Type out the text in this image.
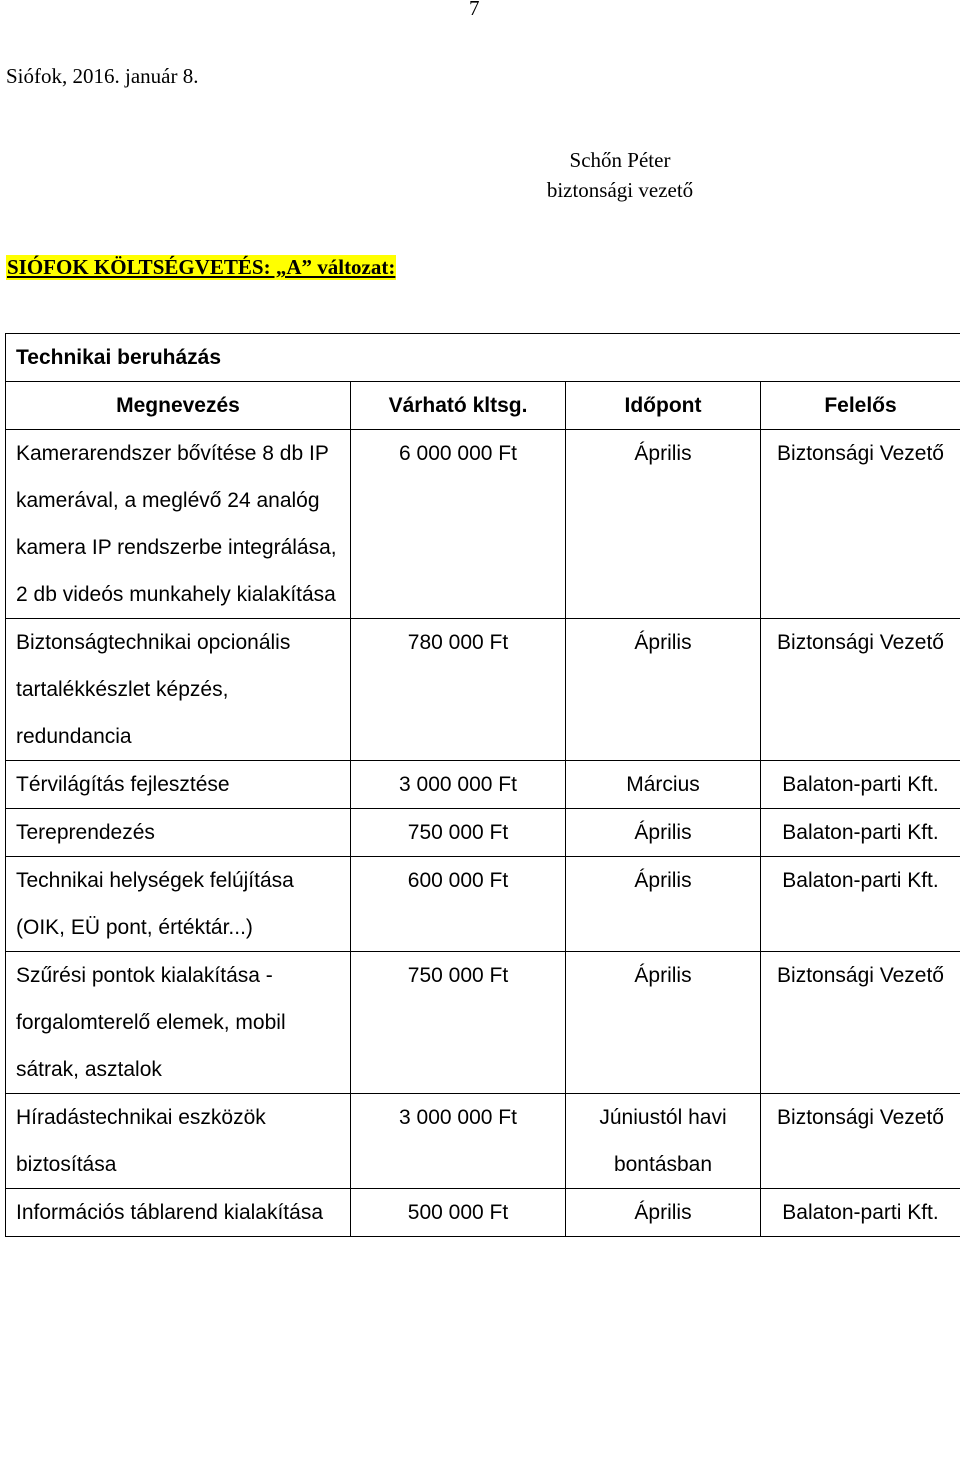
7
Siófok, 2016. január 8.
Schőn Péter
biztonsági vezető
SIÓFOK KÖLTSÉGVETÉS: „A” változat:
Technikai beruházás			
Megnevezés	Várható kltsg.	Időpont	Felelős
Kamerarendszer bővítése 8 db IP kamerával, a meglévő 24 analóg kamera IP rendszerbe integrálása, 2 db videós munkahely kialakítása	6 000 000 Ft	Április	Biztonsági Vezető
Biztonságtechnikai opcionális tartalékkészlet képzés, redundancia	780 000 Ft	Április	Biztonsági Vezető
Térvilágítás fejlesztése	3 000 000 Ft	Március	Balaton-parti Kft.
Tereprendezés	750 000 Ft	Április	Balaton-parti Kft.
Technikai helységek felújítása (OIK, EÜ pont, értéktár...)	600 000 Ft	Április	Balaton-parti Kft.
Szűrési pontok kialakítása - forgalomterelő elemek, mobil sátrak, asztalok	750 000 Ft	Április	Biztonsági Vezető
Híradástechnikai eszközök biztosítása	3 000 000 Ft	Júniustól havi bontásban	Biztonsági Vezető
Információs táblarend kialakítása	500 000 Ft	Április	Balaton-parti Kft.
